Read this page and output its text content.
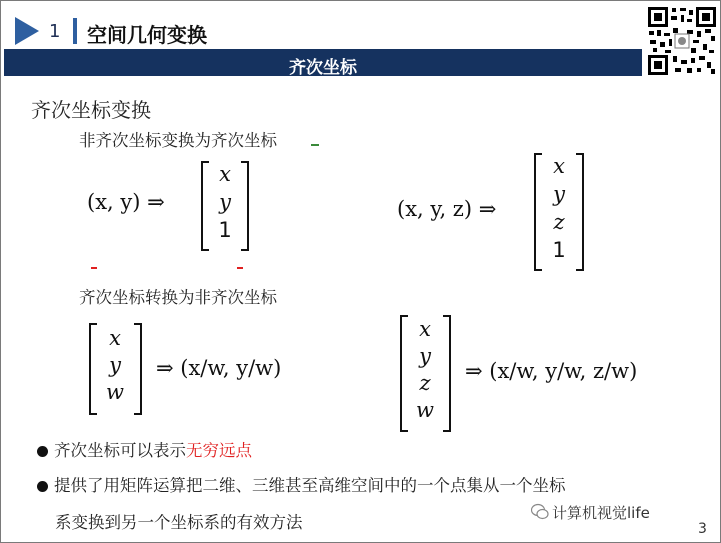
1 空间几何变换
齐次坐标
齐次坐标变换
非齐次坐标变换为齐次坐标
(x, y) ⇒
x
y
1
(x, y, z) ⇒
x
y
z
1
齐次坐标转换为非齐次坐标
x
y
w
⇒ (x/w, y/w)
x
y
z
w
⇒ (x/w, y/w, z/w)
齐次坐标可以表示无穷远点
提供了用矩阵运算把二维、三维甚至高维空间中的一个点集从一个坐标
系变换到另一个坐标系的有效方法	计算机视觉life
3
